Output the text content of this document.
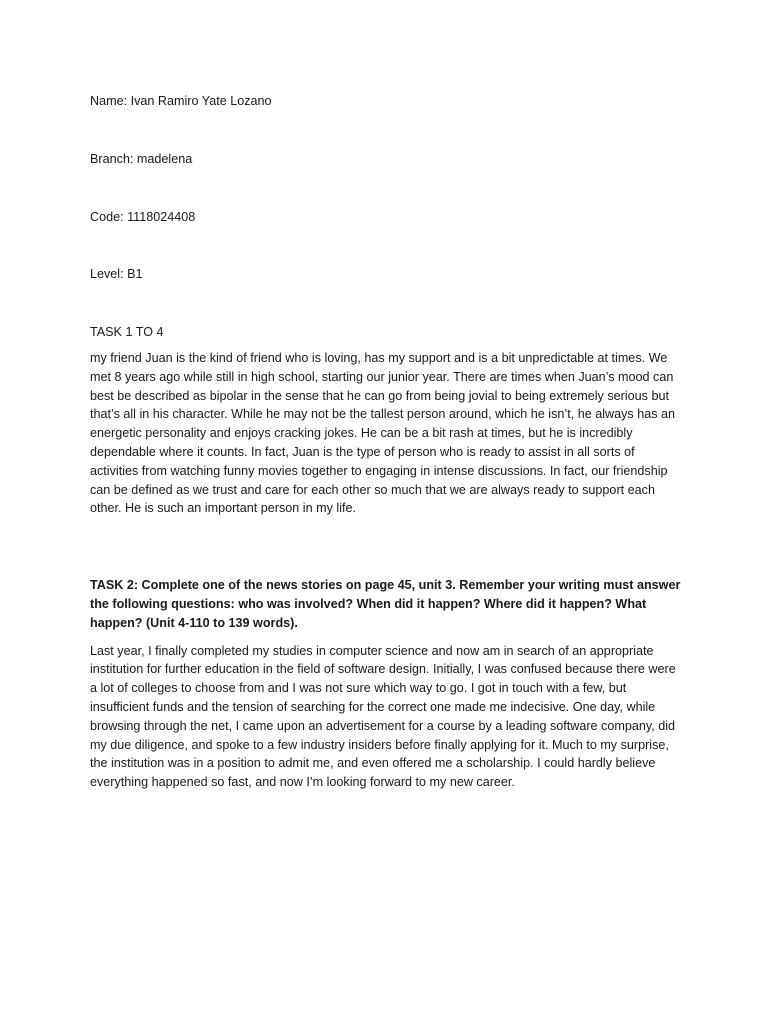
Name: Ivan Ramiro Yate Lozano

Branch: madelena

Code: 1118024408

Level: B1

TASK 1 TO 4

my friend Juan is the kind of friend who is loving, has my support and is a bit unpredictable at times. We met 8 years ago while still in high school, starting our junior year. There are times when Juan’s mood can best be described as bipolar in the sense that he can go from being jovial to being extremely serious but that’s all in his character. While he may not be the tallest person around, which he isn’t, he always has an energetic personality and enjoys cracking jokes. He can be a bit rash at times, but he is incredibly dependable where it counts. In fact, Juan is the type of person who is ready to assist in all sorts of activities from watching funny movies together to engaging in intense discussions. In fact, our friendship can be defined as we trust and care for each other so much that we are always ready to support each other. He is such an important person in my life.

TASK 2: Complete one of the news stories on page 45, unit 3. Remember your writing must answer the following questions: who was involved? When did it happen? Where did it happen? What happen? (Unit 4-110 to 139 words).

Last year, I finally completed my studies in computer science and now am in search of an appropriate institution for further education in the field of software design. Initially, I was confused because there were a lot of colleges to choose from and I was not sure which way to go. I got in touch with a few, but insufficient funds and the tension of searching for the correct one made me indecisive. One day, while browsing through the net, I came upon an advertisement for a course by a leading software company, did my due diligence, and spoke to a few industry insiders before finally applying for it. Much to my surprise, the institution was in a position to admit me, and even offered me a scholarship. I could hardly believe everything happened so fast, and now I’m looking forward to my new career.
